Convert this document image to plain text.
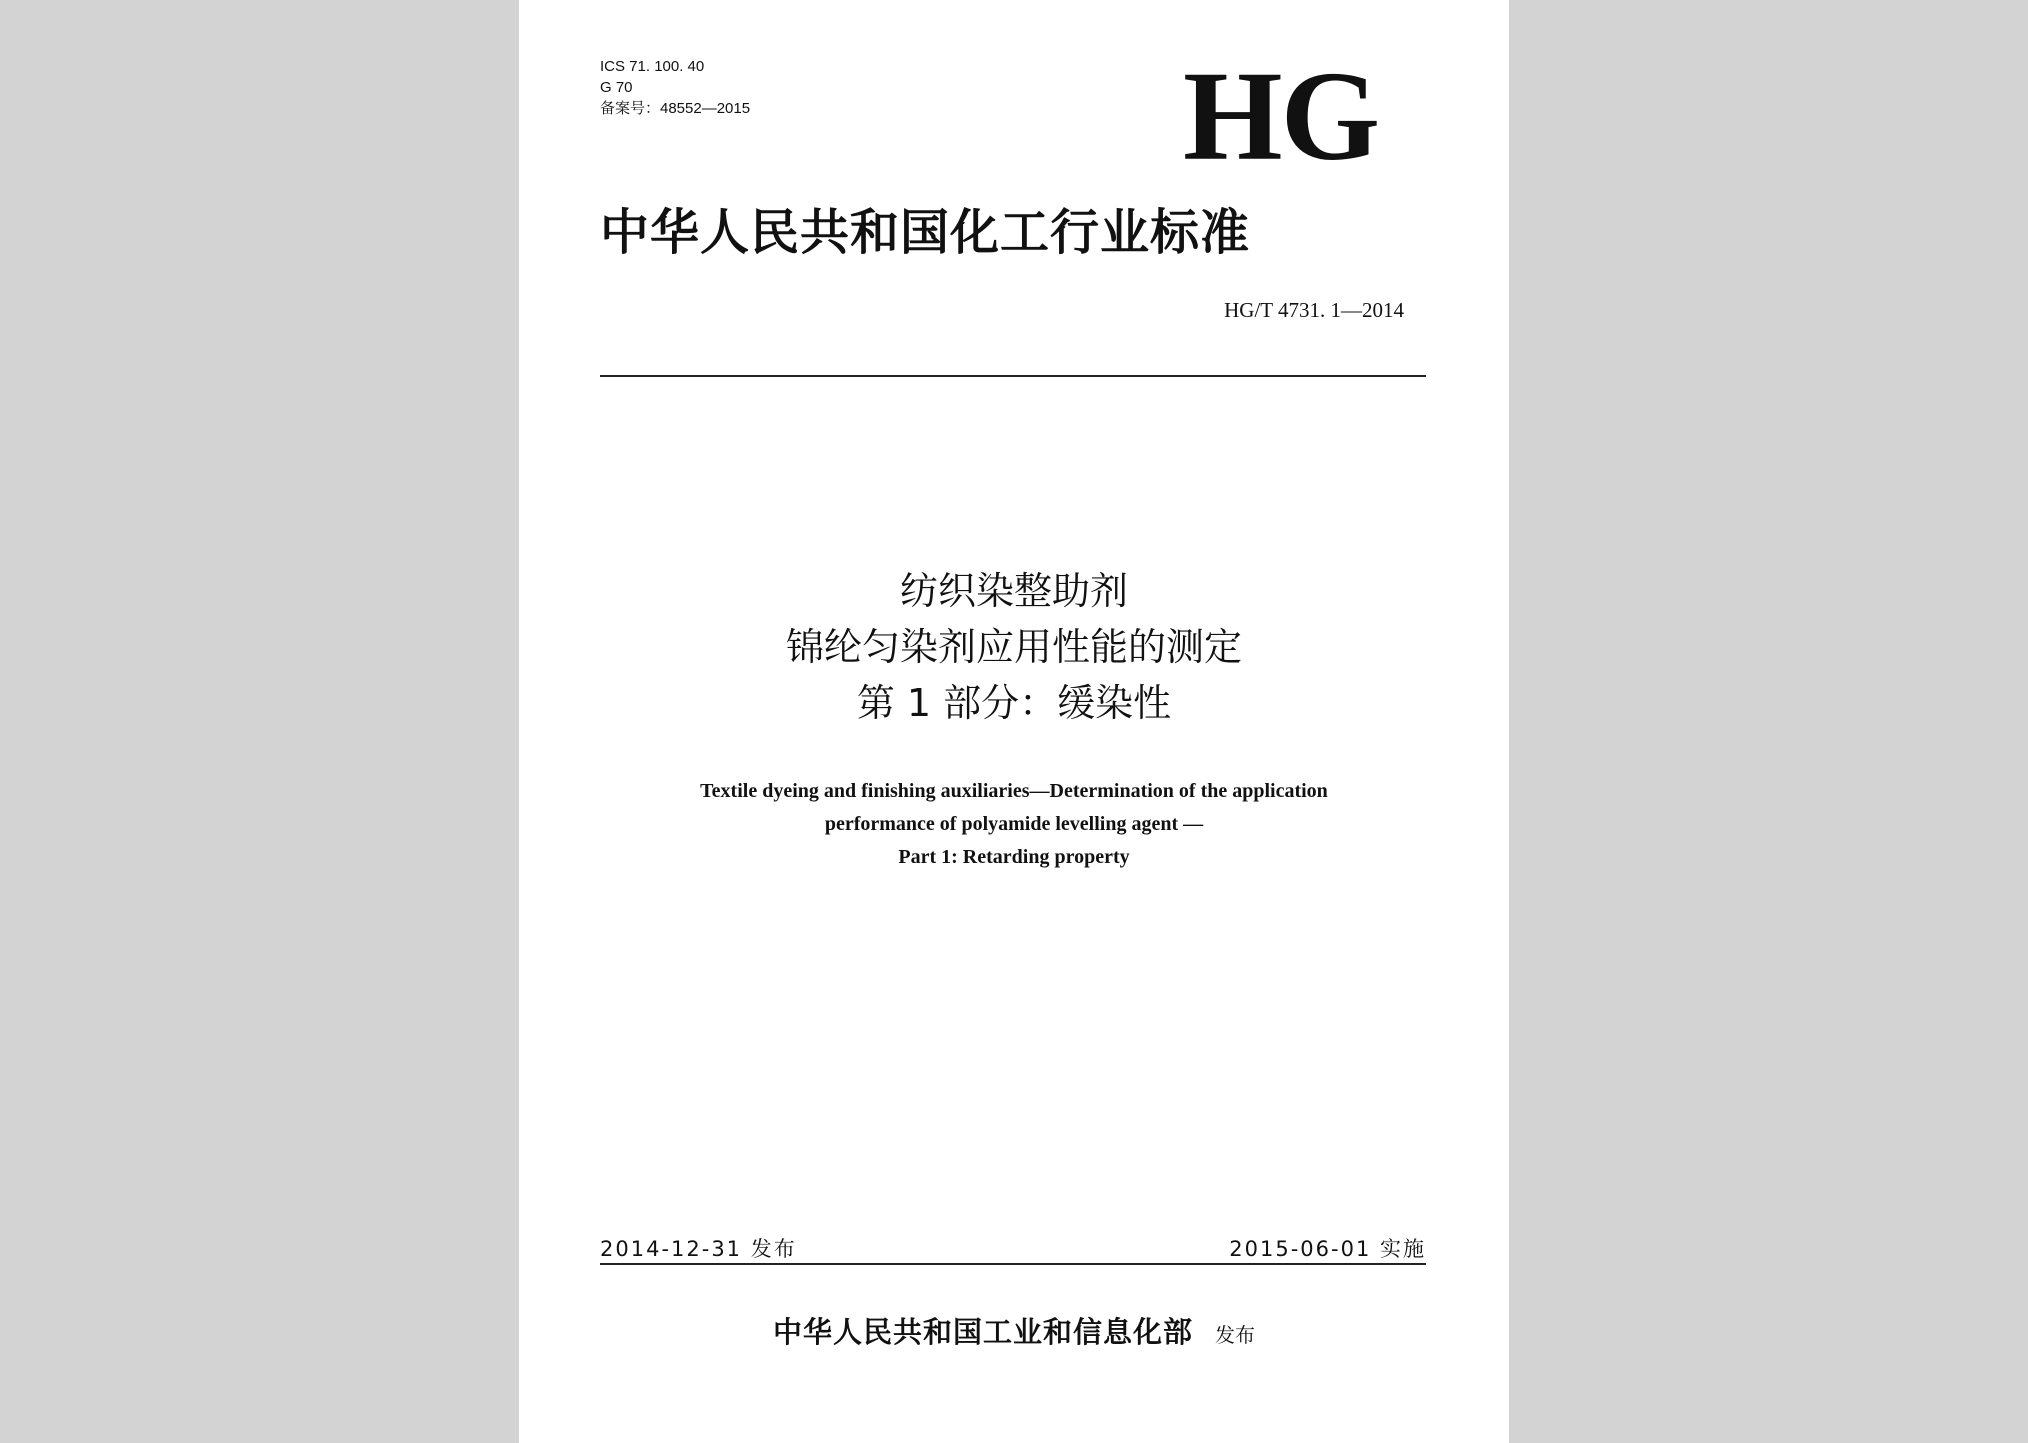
ICS 71. 100. 40
G 70
备案号：48552—2015	HG
中华人民共和国化工行业标准
HG/T 4731. 1—2014
纺织染整助剂
锦纶匀染剂应用性能的测定
第 1 部分：缓染性
Textile dyeing and finishing auxiliaries—Determination of the application
performance of polyamide levelling agent —
Part 1: Retarding property
2014-12-31 发布	2015-06-01 实施
中华人民共和国工业和信息化部 发布
